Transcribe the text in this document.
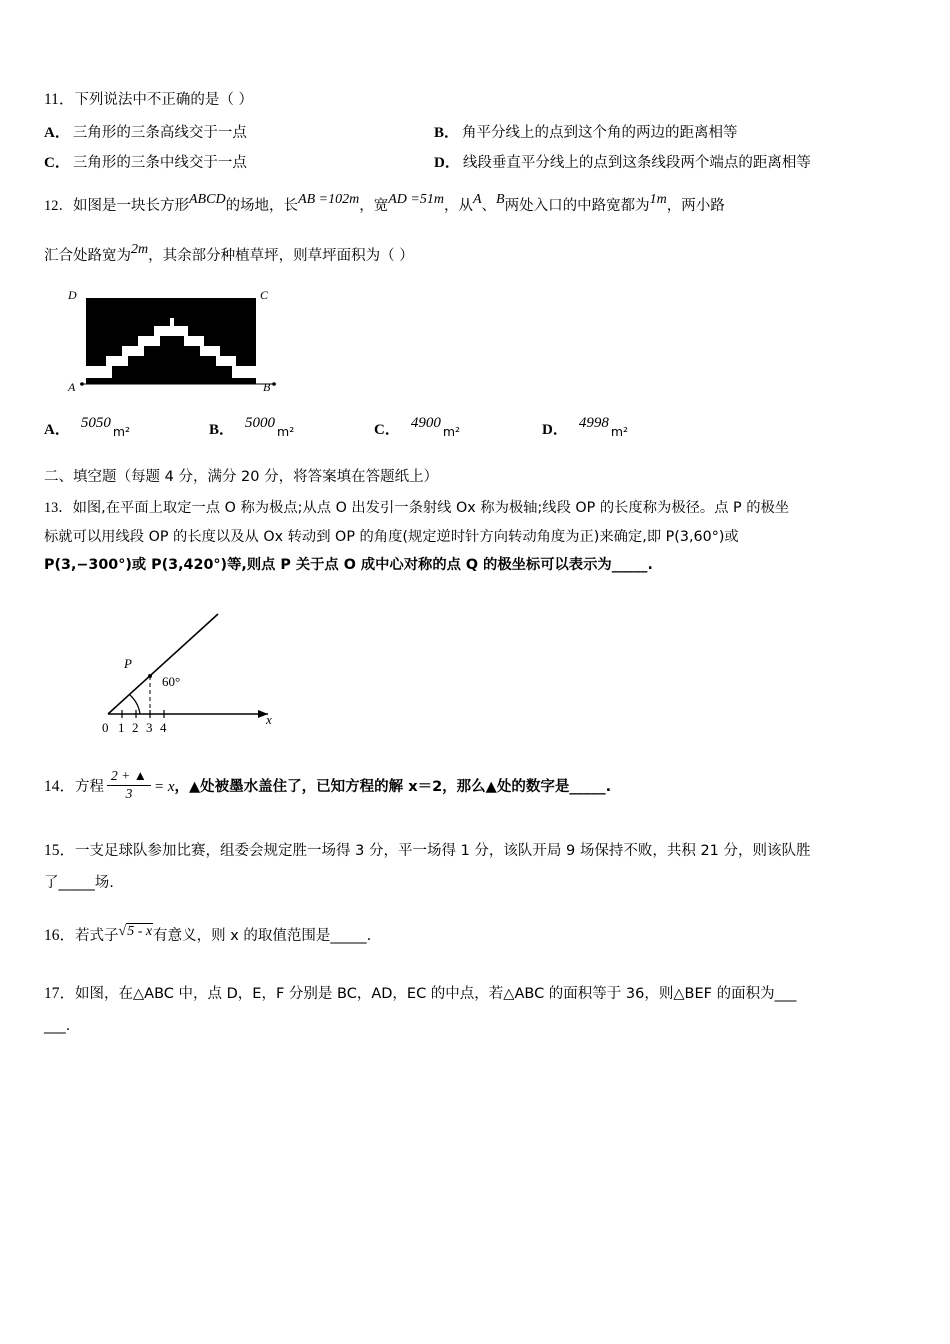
11．下列说法中不正确的是（ ）
A． 三角形的三条高线交于一点	B． 角平分线上的点到这个角的两边的距离相等
C． 三角形的三条中线交于一点	D． 线段垂直平分线上的点到这条线段两个端点的距离相等
12．如图是一块长方形ABCD的场地，长AB =102m，宽AD =51m，从A、B两处入口的中路宽都为1m，两小路
汇合处路宽为2m，其余部分种植草坪，则草坪面积为（ ）
D	C
A	B
A． 5050
m²	B． 5000
m²	C． 4900
m²	D． 4998
m²
二、填空题（每题 4 分，满分 20 分，将答案填在答题纸上）
13．如图,在平面上取定一点 O 称为极点;从点 O 出发引一条射线 Ox 称为极轴;线段 OP 的长度称为极径。点 P 的极坐
标就可以用线段 OP 的长度以及从 Ox 转动到 OP 的角度(规定逆时针方向转动角度为正)来确定,即 P(3,60°)或
P(3,−300°)或 P(3,420°)等,则点 P 关于点 O 成中心对称的点 Q 的极坐标可以表示为_____.
P
60°
x
0 1 2 3 4
14．方程 $\frac{2 + ▲}{3} = x$，▲处被墨水盖住了，已知方程的解 x＝2，那么▲处的数字是_____.
15．一支足球队参加比赛，组委会规定胜一场得 3 分，平一场得 1 分，该队开局 9 场保持不败，共积 21 分，则该队胜
了_____场.
16．若式子√5 - x有意义，则 x 的取值范围是_____.
17．如图，在△ABC 中，点 D，E，F 分别是 BC，AD，EC 的中点，若△ABC 的面积等于 36，则△BEF 的面积为___
___.
